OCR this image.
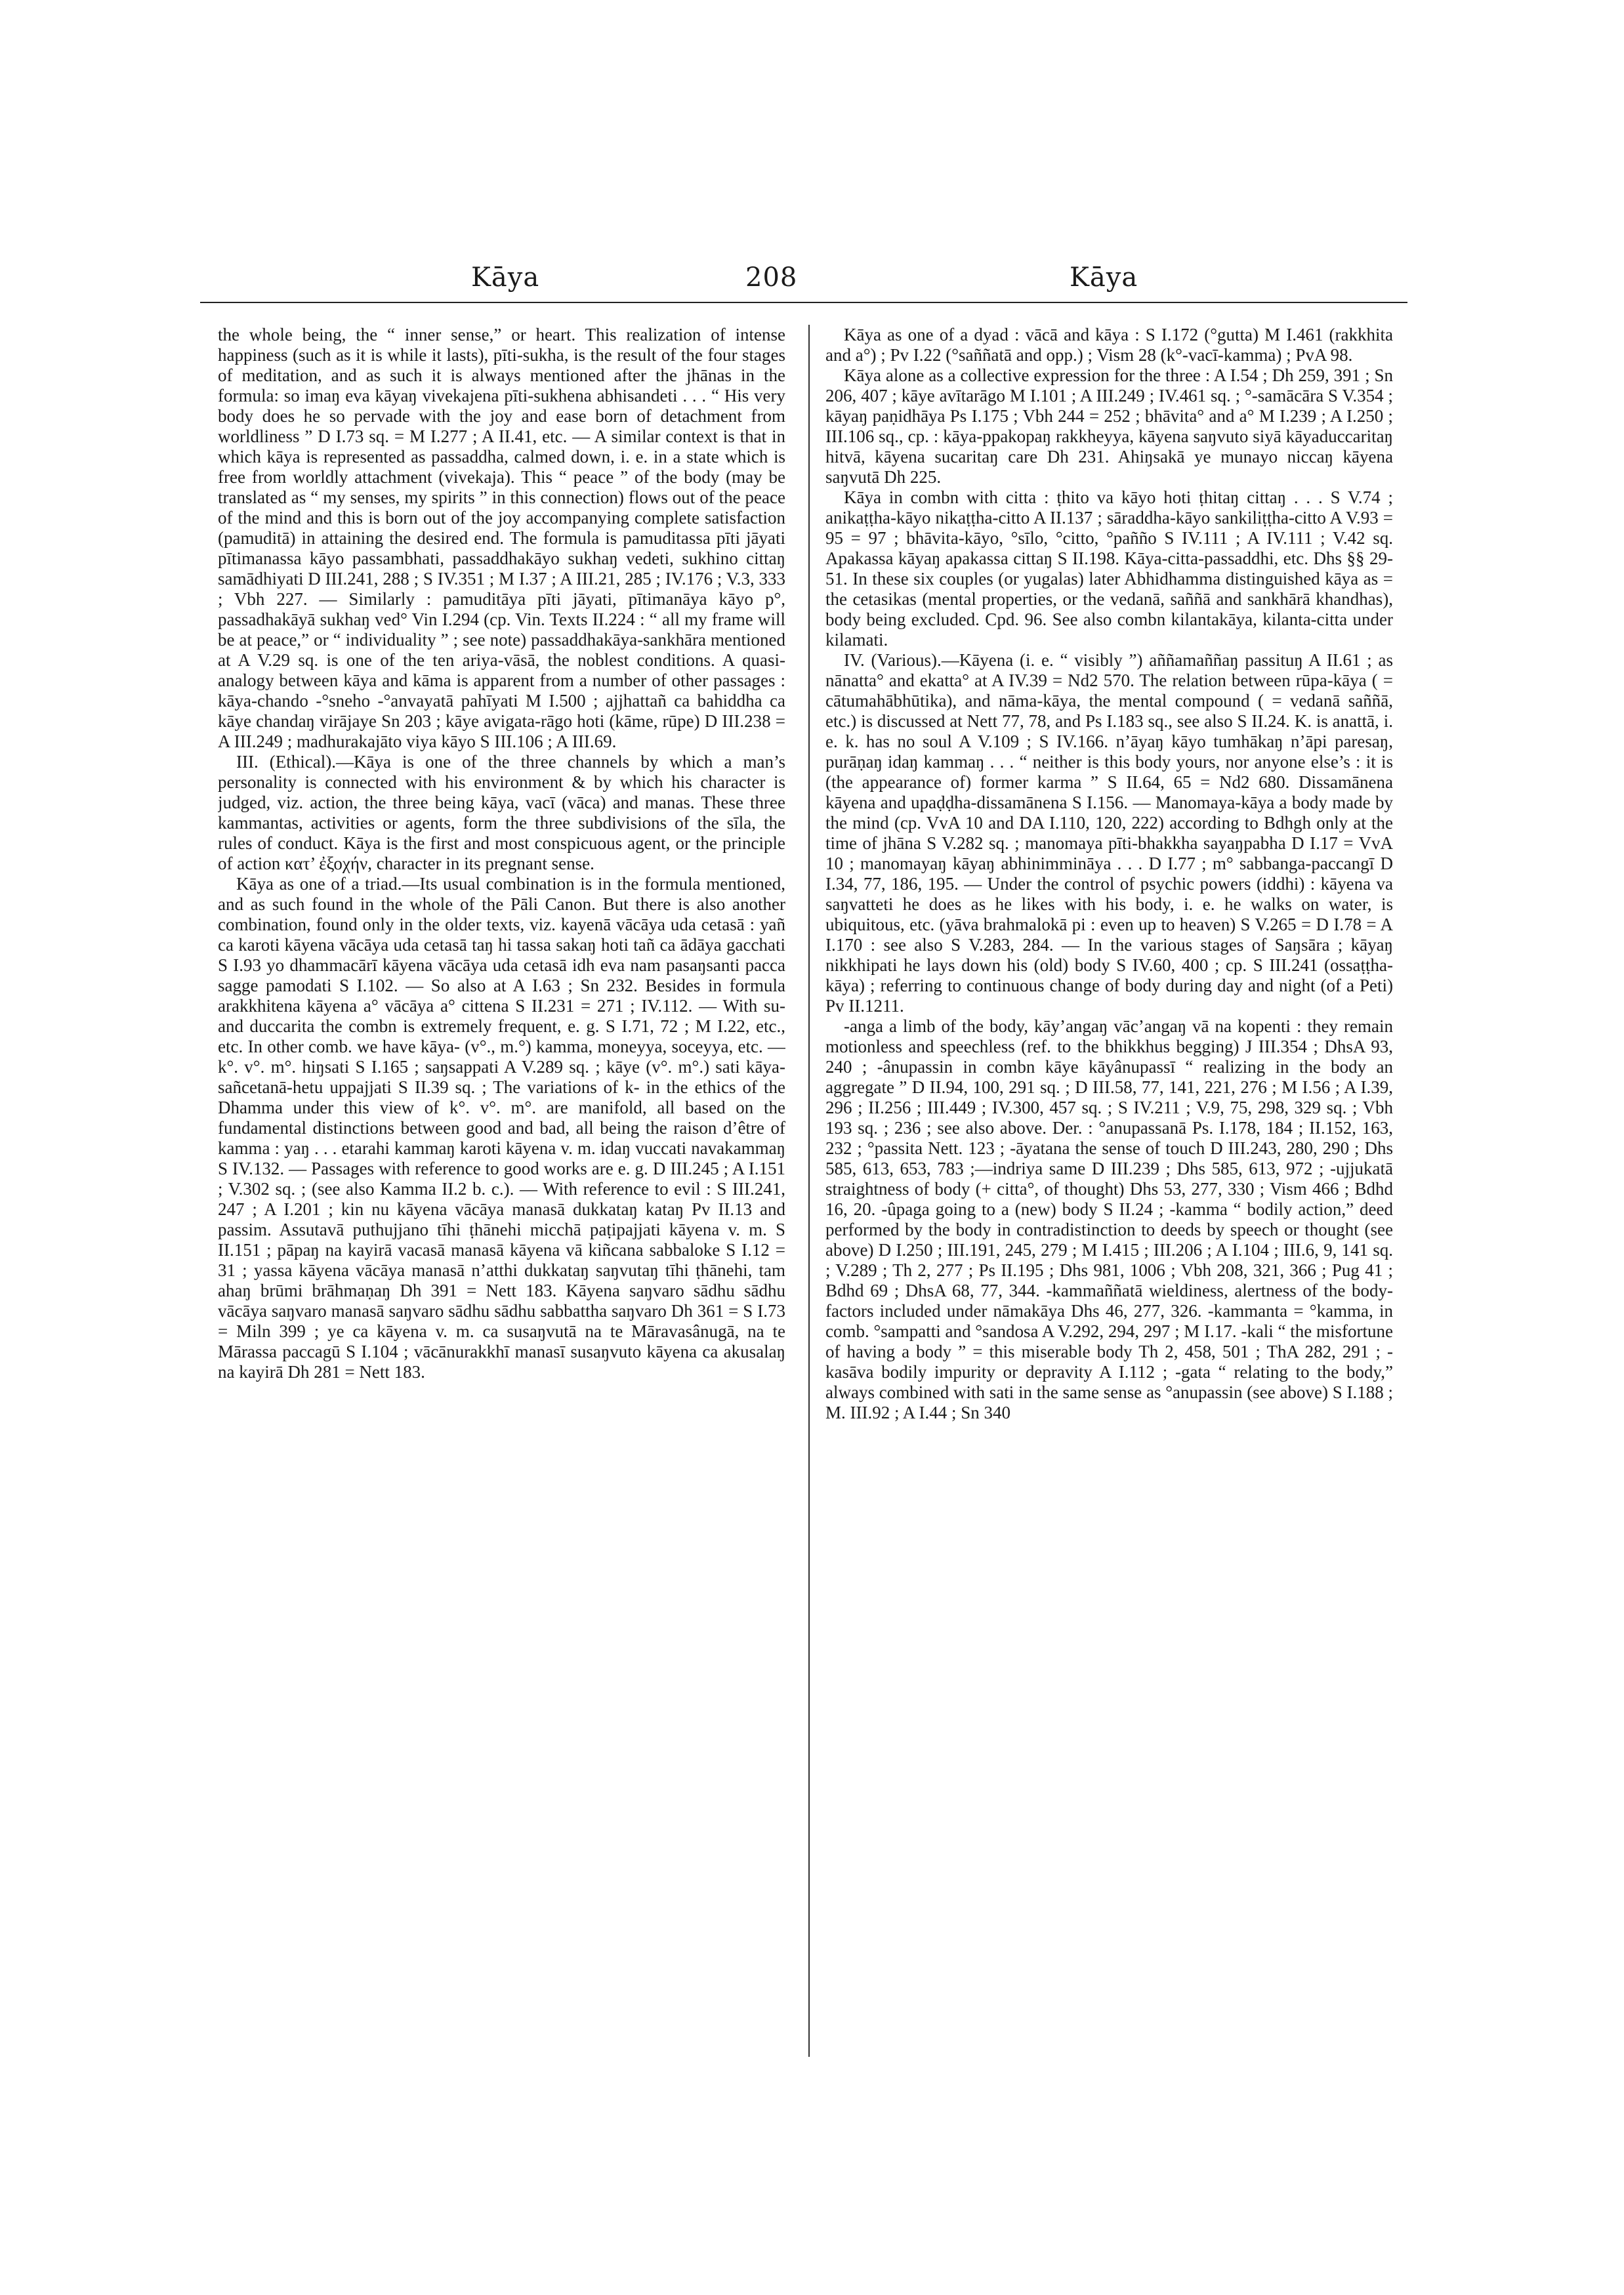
Kāya	208	Kāya

the whole being, the “ inner sense,” or heart. This realization of intense happiness (such as it is while it lasts), pīti-sukha, is the result of the four stages of meditation, and as such it is always mentioned after the jhānas in the formula: so imaŋ eva kāyaŋ vivekajena pīti-sukhena abhisandeti . . . “ His very body does he so pervade with the joy and ease born of detachment from worldliness ” D I.73 sq. = M I.277 ; A II.41, etc. — A similar context is that in which kāya is represented as passaddha, calmed down, i. e. in a state which is free from worldly attachment (vivekaja). This “ peace ” of the body (may be translated as “ my senses, my spirits ” in this connection) flows out of the peace of the mind and this is born out of the joy accompanying complete satisfaction (pamuditā) in attaining the desired end. The formula is pamuditassa pīti jāyati pītimanassa kāyo passambhati, passaddhakāyo sukhaŋ vedeti, sukhino cittaŋ samādhiyati D III.241, 288 ; S IV.351 ; M I.37 ; A III.21, 285 ; IV.176 ; V.3, 333 ; Vbh 227. — Similarly : pamuditāya pīti jāyati, pītimanāya kāyo p°, passadhakāyā sukhaŋ ved° Vin I.294 (cp. Vin. Texts II.224 : “ all my frame will be at peace,” or “ individuality ” ; see note) passaddhakāya-sankhāra mentioned at A V.29 sq. is one of the ten ariya-vāsā, the noblest conditions. A quasi-analogy between kāya and kāma is apparent from a number of other passages : kāya-chando -°sneho -°anvayatā pahīyati M I.500 ; ajjhattañ ca bahiddha ca kāye chandaŋ virājaye Sn 203 ; kāye avigata-rāgo hoti (kāme, rūpe) D III.238 = A III.249 ; madhurakajāto viya kāyo S III.106 ; A III.69.

III. (Ethical).—Kāya is one of the three channels by which a man’s personality is connected with his environment & by which his character is judged, viz. action, the three being kāya, vacī (vāca) and manas. These three kammantas, activities or agents, form the three subdivisions of the sīla, the rules of conduct. Kāya is the first and most conspicuous agent, or the principle of action κατ’ ἐξοχήν, character in its pregnant sense.

Kāya as one of a triad.—Its usual combination is in the formula mentioned, and as such found in the whole of the Pāli Canon. But there is also another combination, found only in the older texts, viz. kayenā vācāya uda cetasā : yañ ca karoti kāyena vācāya uda cetasā taŋ hi tassa sakaŋ hoti tañ ca ādāya gacchati S I.93 yo dhammacārī kāyena vācāya uda cetasā idh eva nam pasaŋsanti pacca sagge pamodati S I.102. — So also at A I.63 ; Sn 232. Besides in formula arakkhitena kāyena a° vācāya a° cittena S II.231 = 271 ; IV.112. — With su- and duccarita the combn is extremely frequent, e. g. S I.71, 72 ; M I.22, etc., etc. In other comb. we have kāya- (v°., m.°) kamma, moneyya, soceyya, etc. — k°. v°. m°. hiŋsati S I.165 ; saŋsappati A V.289 sq. ; kāye (v°. m°.) sati kāya-sañcetanā-hetu uppajjati S II.39 sq. ; The variations of k- in the ethics of the Dhamma under this view of k°. v°. m°. are manifold, all based on the fundamental distinctions between good and bad, all being the raison d’être of kamma : yaŋ . . . etarahi kammaŋ karoti kāyena v. m. idaŋ vuccati navakammaŋ S IV.132. — Passages with reference to good works are e. g. D III.245 ; A I.151 ; V.302 sq. ; (see also Kamma II.2 b. c.). — With reference to evil : S III.241, 247 ; A I.201 ; kin nu kāyena vācāya manasā dukkataŋ kataŋ Pv II.13 and passim. Assutavā puthujjano tīhi ṭhānehi micchā paṭipajjati kāyena v. m. S II.151 ; pāpaŋ na kayirā vacasā manasā kāyena vā kiñcana sabbaloke S I.12 = 31 ; yassa kāyena vācāya manasā n’atthi dukkataŋ saŋvutaŋ tīhi ṭhānehi, tam ahaŋ brūmi brāhmaṇaŋ Dh 391 = Nett 183. Kāyena saŋvaro sādhu sādhu vācāya saŋvaro manasā saŋvaro sādhu sādhu sabbattha saŋvaro Dh 361 = S I.73 = Miln 399 ; ye ca kāyena v. m. ca susaŋvutā na te Māravasânugā, na te Mārassa paccagū S I.104 ; vācānurakkhī manasī susaŋvuto kāyena ca akusalaŋ na kayirā Dh 281 = Nett 183.

Kāya as one of a dyad : vācā and kāya : S I.172 (°gutta) M I.461 (rakkhita and a°) ; Pv I.22 (°saññatā and opp.) ; Vism 28 (k°-vacī-kamma) ; PvA 98.

Kāya alone as a collective expression for the three : A I.54 ; Dh 259, 391 ; Sn 206, 407 ; kāye avītarāgo M I.101 ; A III.249 ; IV.461 sq. ; °-samācāra S V.354 ; kāyaŋ paṇidhāya Ps I.175 ; Vbh 244 = 252 ; bhāvita° and a° M I.239 ; A I.250 ; III.106 sq., cp. : kāya-ppakopaŋ rakkheyya, kāyena saŋvuto siyā kāyaduccaritaŋ hitvā, kāyena sucaritaŋ care Dh 231. Ahiŋsakā ye munayo niccaŋ kāyena saŋvutā Dh 225.

Kāya in combn with citta : ṭhito va kāyo hoti ṭhitaŋ cittaŋ . . . S V.74 ; anikaṭṭha-kāyo nikaṭṭha-citto A II.137 ; sāraddha-kāyo sankiliṭṭha-citto A V.93 = 95 = 97 ; bhāvita-kāyo, °sīlo, °citto, °pañño S IV.111 ; A IV.111 ; V.42 sq. Apakassa kāyaŋ apakassa cittaŋ S II.198. Kāya-citta-passaddhi, etc. Dhs §§ 29-51. In these six couples (or yugalas) later Abhidhamma distinguished kāya as = the cetasikas (mental properties, or the vedanā, saññā and sankhārā khandhas), body being excluded. Cpd. 96. See also combn kilantakāya, kilanta-citta under kilamati.

IV. (Various).—Kāyena (i. e. “ visibly ”) aññamaññaŋ passituŋ A II.61 ; as nānatta° and ekatta° at A IV.39 = Nd2 570. The relation between rūpa-kāya ( = cātumahābhūtika), and nāma-kāya, the mental compound ( = vedanā saññā, etc.) is discussed at Nett 77, 78, and Ps I.183 sq., see also S II.24. K. is anattā, i. e. k. has no soul A V.109 ; S IV.166. n’āyaŋ kāyo tumhākaŋ n’āpi paresaŋ, purāṇaŋ idaŋ kammaŋ . . . “ neither is this body yours, nor anyone else’s : it is (the appearance of) former karma ” S II.64, 65 = Nd2 680. Dissamānena kāyena and upaḍḍha-dissamānena S I.156. — Manomaya-kāya a body made by the mind (cp. VvA 10 and DA I.110, 120, 222) according to Bdhgh only at the time of jhāna S V.282 sq. ; manomaya pīti-bhakkha sayaŋpabha D I.17 = VvA 10 ; manomayaŋ kāyaŋ abhinimmināya . . . D I.77 ; m° sabbanga-paccangī D I.34, 77, 186, 195. — Under the control of psychic powers (iddhi) : kāyena va saŋvatteti he does as he likes with his body, i. e. he walks on water, is ubiquitous, etc. (yāva brahmalokā pi : even up to heaven) S V.265 = D I.78 = A I.170 : see also S V.283, 284. — In the various stages of Saŋsāra ; kāyaŋ nikkhipati he lays down his (old) body S IV.60, 400 ; cp. S III.241 (ossaṭṭha-kāya) ; referring to continuous change of body during day and night (of a Peti) Pv II.1211.

-anga a limb of the body, kāy’angaŋ vāc’angaŋ vā na kopenti : they remain motionless and speechless (ref. to the bhikkhus begging) J III.354 ; DhsA 93, 240 ; -ânupassin in combn kāye kāyânupassī “ realizing in the body an aggregate ” D II.94, 100, 291 sq. ; D III.58, 77, 141, 221, 276 ; M I.56 ; A I.39, 296 ; II.256 ; III.449 ; IV.300, 457 sq. ; S IV.211 ; V.9, 75, 298, 329 sq. ; Vbh 193 sq. ; 236 ; see also above. Der. : °anupassanā Ps. I.178, 184 ; II.152, 163, 232 ; °passita Nett. 123 ; -āyatana the sense of touch D III.243, 280, 290 ; Dhs 585, 613, 653, 783 ;—indriya same D III.239 ; Dhs 585, 613, 972 ; -ujjukatā straightness of body (+ citta°, of thought) Dhs 53, 277, 330 ; Vism 466 ; Bdhd 16, 20. -ûpaga going to a (new) body S II.24 ; -kamma “ bodily action,” deed performed by the body in contradistinction to deeds by speech or thought (see above) D I.250 ; III.191, 245, 279 ; M I.415 ; III.206 ; A I.104 ; III.6, 9, 141 sq. ; V.289 ; Th 2, 277 ; Ps II.195 ; Dhs 981, 1006 ; Vbh 208, 321, 366 ; Pug 41 ; Bdhd 69 ; DhsA 68, 77, 344. -kammaññatā wieldiness, alertness of the body-factors included under nāmakāya Dhs 46, 277, 326. -kammanta = °kamma, in comb. °sampatti and °sandosa A V.292, 294, 297 ; M I.17. -kali “ the misfortune of having a body ” = this miserable body Th 2, 458, 501 ; ThA 282, 291 ; -kasāva bodily impurity or depravity A I.112 ; -gata “ relating to the body,” always combined with sati in the same sense as °anupassin (see above) S I.188 ; M. III.92 ; A I.44 ; Sn 340
